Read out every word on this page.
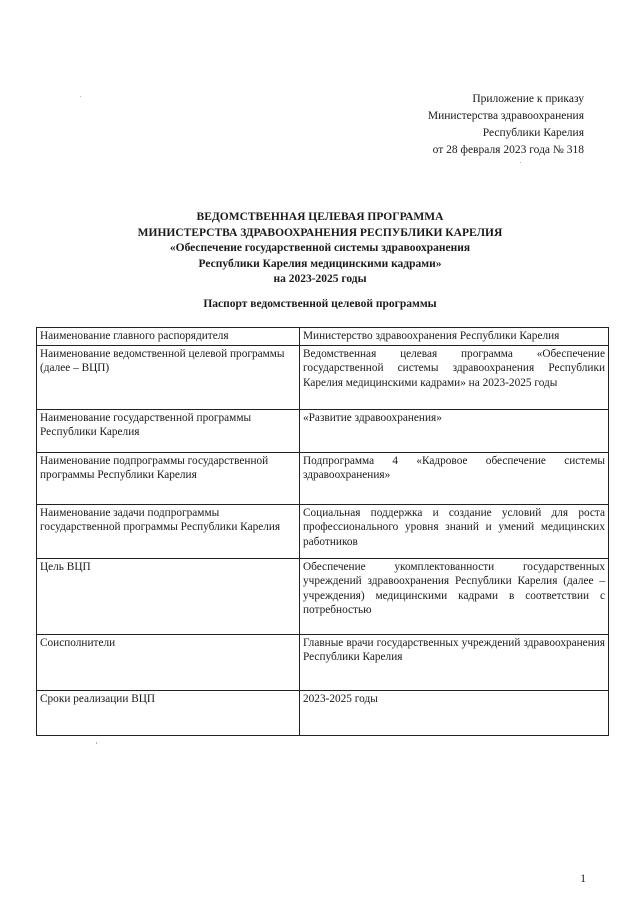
Приложение к приказу
Министерства здравоохранения
Республики Карелия
от 28 февраля 2023 года № 318
ВЕДОМСТВЕННАЯ ЦЕЛЕВАЯ ПРОГРАММА
МИНИСТЕРСТВА ЗДРАВООХРАНЕНИЯ РЕСПУБЛИКИ КАРЕЛИЯ
«Обеспечение государственной системы здравоохранения
Республики Карелия медицинскими кадрами»
на 2023-2025 годы
Паспорт ведомственной целевой программы
Наименование главного распорядителя	Министерство здравоохранения Республики Карелия
Наименование ведомственной целевой программы (далее – ВЦП)	Ведомственная целевая программа «Обеспечение государственной системы здравоохранения Республики Карелия медицинскими кадрами» на 2023-2025 годы
Наименование государственной программы Республики Карелия	«Развитие здравоохранения»
Наименование подпрограммы государственной программы Республики Карелия	Подпрограмма 4 «Кадровое обеспечение системы здравоохранения»
Наименование задачи подпрограммы государственной программы Республики Карелия	Социальная поддержка и создание условий для роста профессионального уровня знаний и умений медицинских работников
Цель ВЦП	Обеспечение укомплектованности государственных учреждений здравоохранения Республики Карелия (далее – учреждения) медицинскими кадрами в соответствии с потребностью
Соисполнители	Главные врачи государственных учреждений здравоохранения Республики Карелия
Сроки реализации ВЦП	2023-2025 годы
1
